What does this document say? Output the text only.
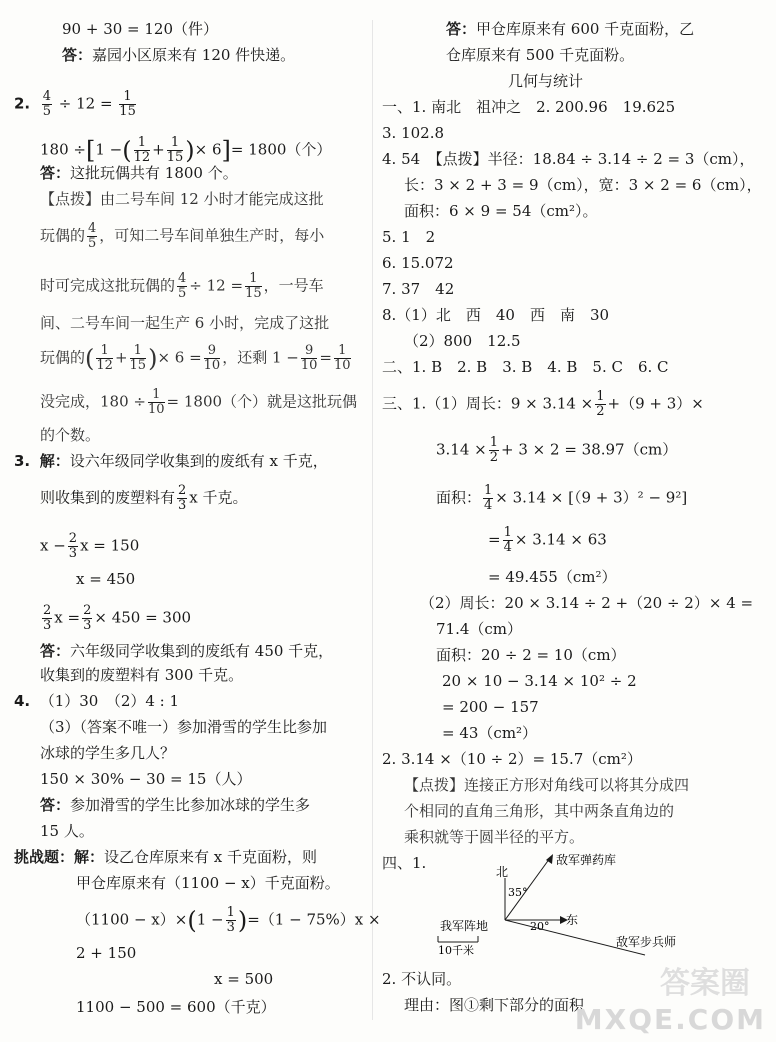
90 + 30 = 120（件）
答：嘉园小区原来有 120 件快递。
2. $\frac{4}{5} \div 12 = \frac{1}{15}$
180 ÷[1 −( $\frac{1}{12} + \frac{1}{15}$ )× 6]= 1800（个）
答：这批玩偶共有 1800 个。
【点拨】由二号车间 12 小时才能完成这批
玩偶的 $\frac{4}{5}$ ，可知二号车间单独生产时，每小
时可完成这批玩偶的 $\frac{4}{5} \div 12 = \frac{1}{15}$ ，一号车
间、二号车间一起生产 6 小时，完成了这批
玩偶的( $\frac{1}{12} + \frac{1}{15}$ )× $6 = \frac{9}{10}$ ，还剩 $1 - \frac{9}{10} = \frac{1}{10}$
没完成，$180 \div \frac{1}{10} = 1800$（个）就是这批玩偶
的个数。
3. 解：设六年级同学收集到的废纸有 x 千克，
则收集到的废塑料有 $\frac{2}{3}$ x 千克。
$x - \frac{2}{3}$ x = 150
x = 450
$\frac{2}{3}$ $x = \frac{2}{3} \times 450 = 300$
答：六年级同学收集到的废纸有 450 千克，
收集到的废塑料有 300 千克。
4. （1）30　（2）4 : 1
（3）（答案不唯一）参加滑雪的学生比参加
冰球的学生多几人？
150 × 30% − 30 = 15（人）
答：参加滑雪的学生比参加冰球的学生多
15 人。
挑战题：解：设乙仓库原来有 x 千克面粉，则
甲仓库原来有（1100 − x）千克面粉。
$(1100 - x)\times(1 - \frac{1}{3} )=(1 - 75\%)x$ ×
2 + 150
x = 500
1100 − 500 = 600（千克）
答：甲仓库原来有 600 千克面粉，乙
仓库原来有 500 千克面粉。
几何与统计
一、1. 南北　祖冲之　2. 200.96　19.625
3. 102.8
4. 54　【点拨】半径：18.84 ÷ 3.14 ÷ 2 = 3（cm），
长：3 × 2 + 3 = 9（cm），宽：3 × 2 = 6（cm），
面积：6 × 9 = 54（cm²）。
5. 1　2
6. 15.072
7. 37　42
8.（1）北　西　40　西　南　30
（2）800　12.5
二、1. B　2. B　3. B　4. B　5. C　6. C
三、1.（1）周长：$9 \times 3.14 \times \frac{1}{2} +(9 + 3)\times$
$3.14 \times \frac{1}{2} + 3 \times 2 = 38.97(cm)$
面积： $\frac{1}{4} \times 3.14 \times [(9 + 3)^2 - 9^2]$
= $\frac{1}{4} \times 3.14 \times 63$
= 49.455（cm²）
（2）周长：20 × 3.14 ÷ 2 +（20 ÷ 2）× 4 =
71.4（cm）
面积：20 ÷ 2 = 10（cm）
20 × 10 − 3.14 × 10² ÷ 2
= 200 − 157
= 43（cm²）
2. 3.14 ×（10 ÷ 2）= 15.7（cm²）
【点拨】连接正方形对角线可以将其分成四
个相同的直角三角形，其中两条直角边的
乘积就等于圆半径的平方。
四、1.	北
东
35°
20°
敌军弹药库
我军阵地
敌军步兵师
10千米
2. 不认同。
理由：图①剩下部分的面积
答案圈
MXQE.COM
